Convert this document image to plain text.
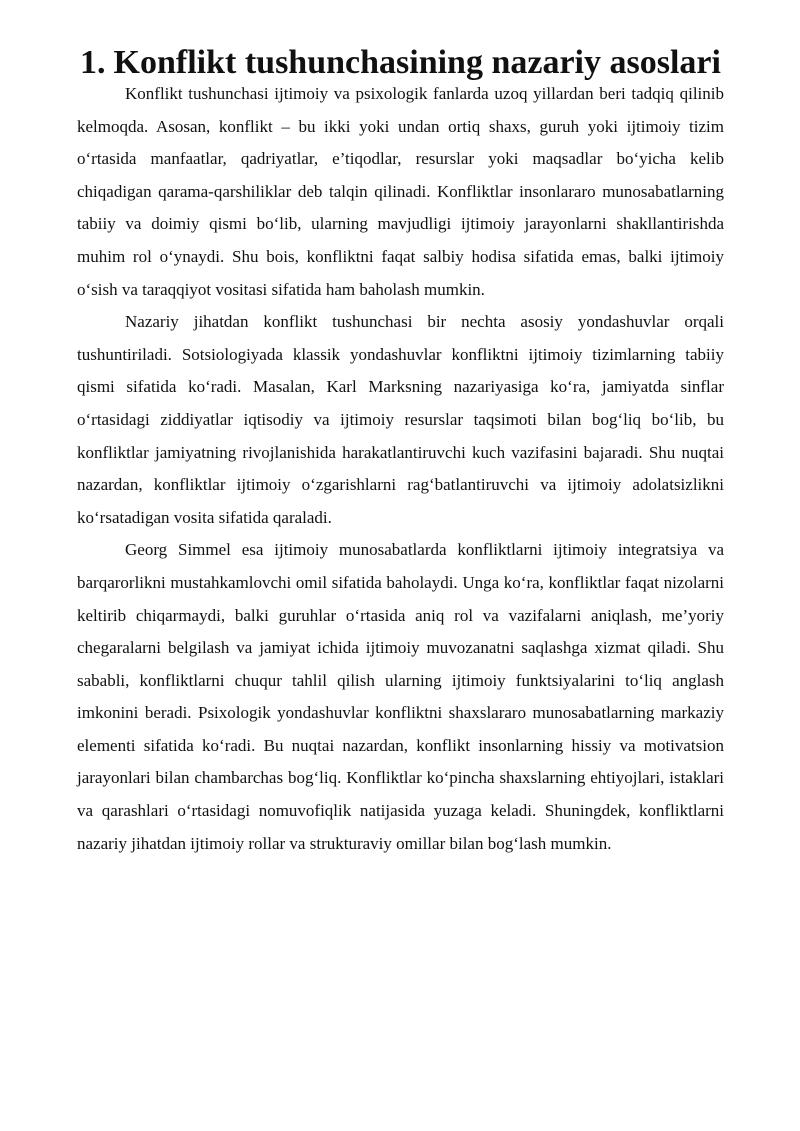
1. Konflikt tushunchasining nazariy asoslari

Konflikt tushunchasi ijtimoiy va psixologik fanlarda uzoq yillardan beri tadqiq qilinib kelmoqda. Asosan, konflikt – bu ikki yoki undan ortiq shaxs, guruh yoki ijtimoiy tizim o‘rtasida manfaatlar, qadriyatlar, e’tiqodlar, resurslar yoki maqsadlar bo‘yicha kelib chiqadigan qarama-qarshiliklar deb talqin qilinadi. Konfliktlar insonlararo munosabatlarning tabiiy va doimiy qismi bo‘lib, ularning mavjudligi ijtimoiy jarayonlarni shakllantirishda muhim rol o‘ynaydi. Shu bois, konfliktni faqat salbiy hodisa sifatida emas, balki ijtimoiy o‘sish va taraqqiyot vositasi sifatida ham baholash mumkin.

Nazariy jihatdan konflikt tushunchasi bir nechta asosiy yondashuvlar orqali tushuntiriladi. Sotsiologiyada klassik yondashuvlar konfliktni ijtimoiy tizimlarning tabiiy qismi sifatida ko‘radi. Masalan, Karl Marksning nazariyasiga ko‘ra, jamiyatda sinflar o‘rtasidagi ziddiyatlar iqtisodiy va ijtimoiy resurslar taqsimoti bilan bog‘liq bo‘lib, bu konfliktlar jamiyatning rivojlanishida harakatlantiruvchi kuch vazifasini bajaradi. Shu nuqtai nazardan, konfliktlar ijtimoiy o‘zgarishlarni rag‘batlantiruvchi va ijtimoiy adolatsizlikni ko‘rsatadigan vosita sifatida qaraladi.

Georg Simmel esa ijtimoiy munosabatlarda konfliktlarni ijtimoiy integratsiya va barqarorlikni mustahkamlovchi omil sifatida baholaydi. Unga ko‘ra, konfliktlar faqat nizolarni keltirib chiqarmaydi, balki guruhlar o‘rtasida aniq rol va vazifalarni aniqlash, me’yoriy chegaralarni belgilash va jamiyat ichida ijtimoiy muvozanatni saqlashga xizmat qiladi. Shu sababli, konfliktlarni chuqur tahlil qilish ularning ijtimoiy funktsiyalarini to‘liq anglash imkonini beradi. Psixologik yondashuvlar konfliktni shaxslararo munosabatlarning markaziy elementi sifatida ko‘radi. Bu nuqtai nazardan, konflikt insonlarning hissiy va motivatsion jarayonlari bilan chambarchas bog‘liq. Konfliktlar ko‘pincha shaxslarning ehtiyojlari, istaklari va qarashlari o‘rtasidagi nomuvofiqlik natijasida yuzaga keladi. Shuningdek, konfliktlarni nazariy jihatdan ijtimoiy rollar va strukturaviy omillar bilan bog‘lash mumkin.
